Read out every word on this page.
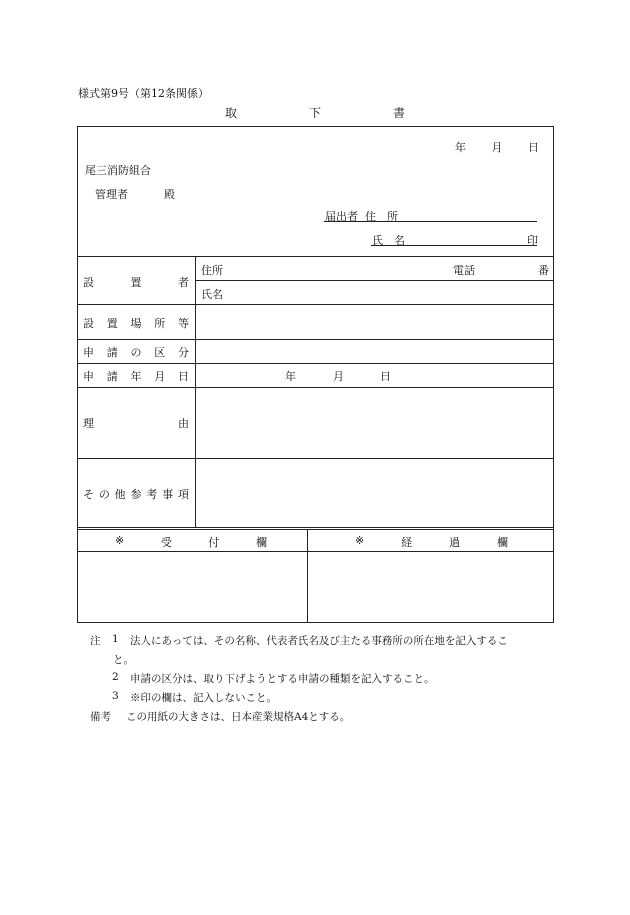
様式第9号（第12条関係）
取	下	書
年 月 日
尾三消防組合
管理者	殿
届出者 住　所
氏　名	印
設	置	者
住所	電話	番
氏名
設 置 場 所 等
申 請 の 区 分
申 請 年 月 日	年	月	日
理	由
そ の 他 参 考 事 項
※	受	付	欄	※	経	過	欄
注 1 法人にあっては、その名称、代表者氏名及び主たる事務所の所在地を記入するこ
と。
2 申請の区分は、取り下げようとする申請の種類を記入すること。
3 ※印の欄は、記入しないこと。
備考 この用紙の大きさは、日本産業規格A4とする。
